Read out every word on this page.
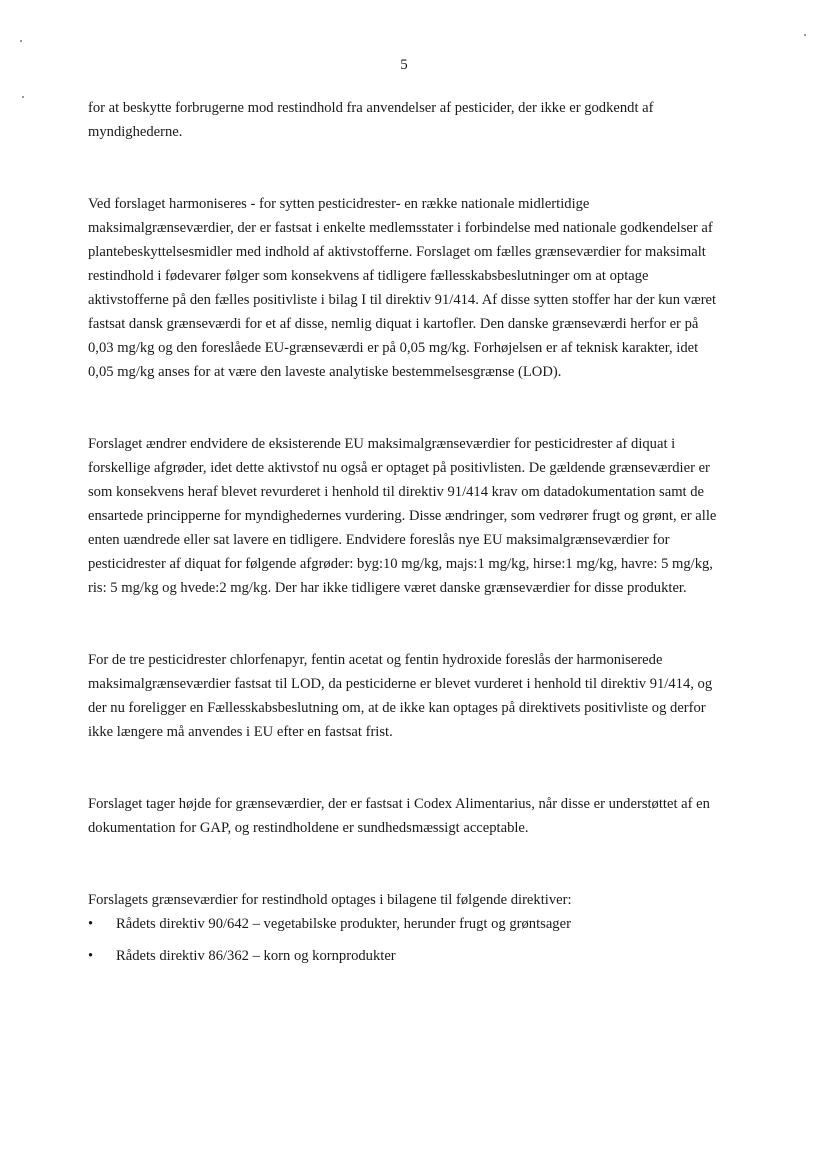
5

for at beskytte forbrugerne mod restindhold fra anvendelser af pesticider, der ikke er godkendt af myndighederne.

Ved forslaget harmoniseres - for sytten pesticidrester- en række nationale midlertidige maksimalgrænseværdier, der er fastsat i enkelte medlemsstater i forbindelse med nationale godkendelser af plantebeskyttelsesmidler med indhold af aktivstofferne. Forslaget om fælles grænseværdier for maksimalt restindhold i fødevarer følger som konsekvens af tidligere fællesskabsbeslutninger om at optage aktivstofferne på den fælles positivliste i bilag I til direktiv 91/414. Af disse sytten stoffer har der kun været fastsat dansk grænseværdi for et af disse, nemlig diquat i kartofler. Den danske grænseværdi herfor er på 0,03 mg/kg og den foreslåede EU-grænseværdi er på 0,05 mg/kg. Forhøjelsen er af teknisk karakter, idet 0,05 mg/kg anses for at være den laveste analytiske bestemmelsesgrænse (LOD).

Forslaget ændrer endvidere de eksisterende EU maksimalgrænseværdier for pesticidrester af diquat i forskellige afgrøder, idet dette aktivstof nu også er optaget på positivlisten. De gældende grænseværdier er som konsekvens heraf blevet revurderet i henhold til direktiv 91/414 krav om datadokumentation samt de ensartede principperne for myndighedernes vurdering. Disse ændringer, som vedrører frugt og grønt, er alle enten uændrede eller sat lavere en tidligere. Endvidere foreslås nye EU maksimalgrænseværdier for pesticidrester af diquat for følgende afgrøder: byg:10 mg/kg, majs:1 mg/kg, hirse:1 mg/kg, havre: 5 mg/kg, ris: 5 mg/kg og hvede:2 mg/kg. Der har ikke tidligere været danske grænseværdier for disse produkter.

For de tre pesticidrester chlorfenapyr, fentin acetat og fentin hydroxide foreslås der harmoniserede maksimalgrænseværdier fastsat til LOD, da pesticiderne er blevet vurderet i henhold til direktiv 91/414, og der nu foreligger en Fællesskabsbeslutning om, at de ikke kan optages på direktivets positivliste og derfor ikke længere må anvendes i EU efter en fastsat frist.

Forslaget tager højde for grænseværdier, der er fastsat i Codex Alimentarius, når disse er understøttet af en dokumentation for GAP, og restindholdene er sundhedsmæssigt acceptable.

Forslagets grænseværdier for restindhold optages i bilagene til følgende direktiver:

• Rådets direktiv 90/642 – vegetabilske produkter, herunder frugt og grøntsager
• Rådets direktiv 86/362 – korn og kornprodukter
